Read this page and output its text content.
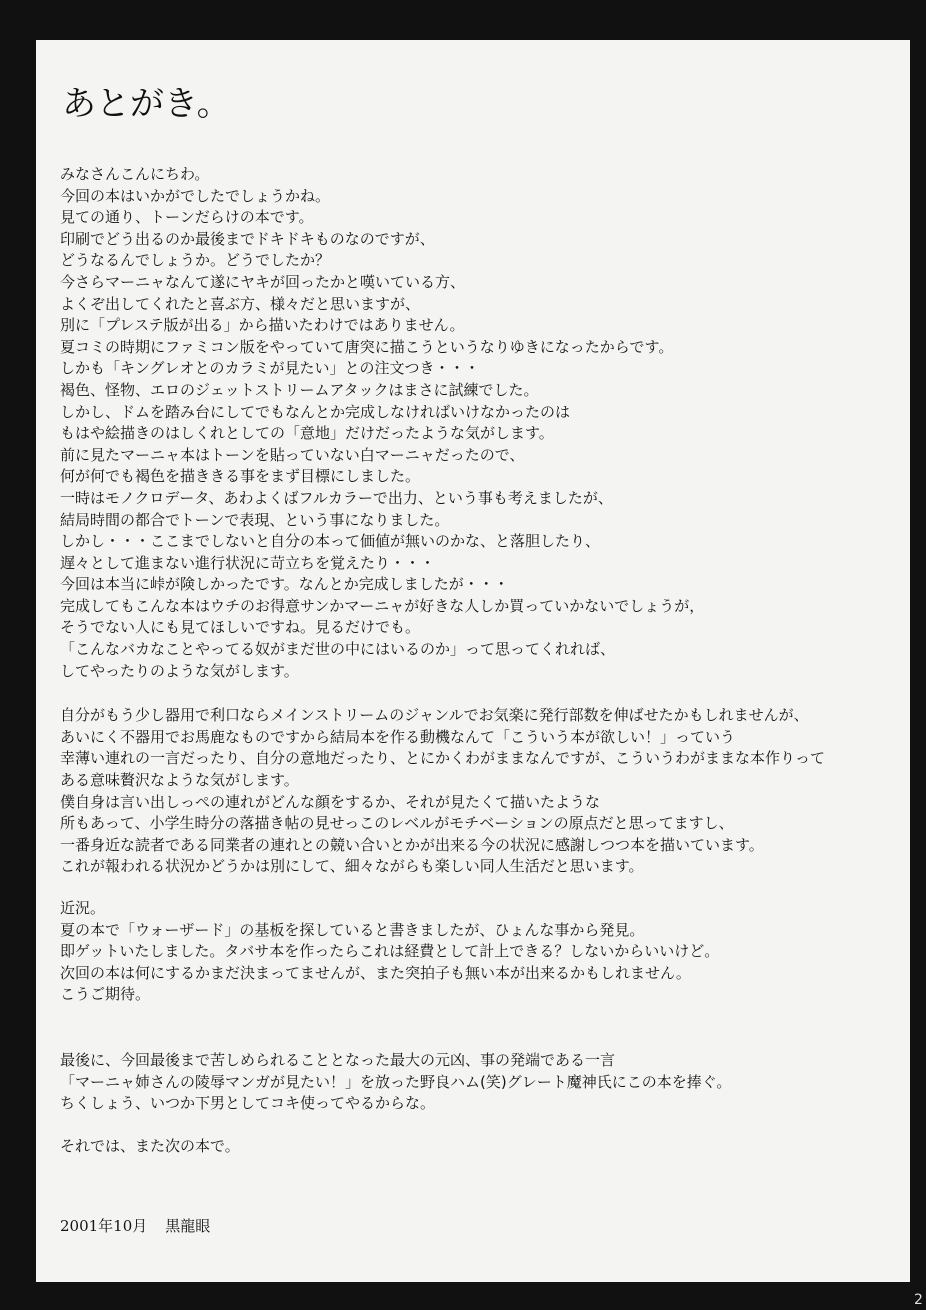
あとがき。
みなさんこんにちわ。
今回の本はいかがでしたでしょうかね。
見ての通り、トーンだらけの本です。
印刷でどう出るのか最後までドキドキものなのですが、
どうなるんでしょうか。どうでしたか？
今さらマーニャなんて遂にヤキが回ったかと嘆いている方、
よくぞ出してくれたと喜ぶ方、様々だと思いますが、
別に「プレステ版が出る」から描いたわけではありません。
夏コミの時期にファミコン版をやっていて唐突に描こうというなりゆきになったからです。
しかも「キングレオとのカラミが見たい」との注文つき・・・
褐色、怪物、エロのジェットストリームアタックはまさに試練でした。
しかし、ドムを踏み台にしてでもなんとか完成しなければいけなかったのは
もはや絵描きのはしくれとしての「意地」だけだったような気がします。
前に見たマーニャ本はトーンを貼っていない白マーニャだったので、
何が何でも褐色を描ききる事をまず目標にしました。
一時はモノクロデータ、あわよくばフルカラーで出力、という事も考えましたが、
結局時間の都合でトーンで表現、という事になりました。
しかし・・・ここまでしないと自分の本って価値が無いのかな、と落胆したり、
遅々として進まない進行状況に苛立ちを覚えたり・・・
今回は本当に峠が険しかったです。なんとか完成しましたが・・・
完成してもこんな本はウチのお得意サンかマーニャが好きな人しか買っていかないでしょうが，
そうでない人にも見てほしいですね。見るだけでも。
「こんなバカなことやってる奴がまだ世の中にはいるのか」って思ってくれれば、
してやったりのような気がします。
自分がもう少し器用で利口ならメインストリームのジャンルでお気楽に発行部数を伸ばせたかもしれませんが、
あいにく不器用でお馬鹿なものですから結局本を作る動機なんて「こういう本が欲しい！」っていう
幸薄い連れの一言だったり、自分の意地だったり、とにかくわがままなんですが、こういうわがままな本作りって
ある意味贅沢なような気がします。
僕自身は言い出しっぺの連れがどんな顔をするか、それが見たくて描いたような
所もあって、小学生時分の落描き帖の見せっこのレベルがモチベーションの原点だと思ってますし、
一番身近な読者である同業者の連れとの競い合いとかが出来る今の状況に感謝しつつ本を描いています。
これが報われる状況かどうかは別にして、細々ながらも楽しい同人生活だと思います。
近況。
夏の本で「ウォーザード」の基板を探していると書きましたが、ひょんな事から発見。
即ゲットいたしました。タバサ本を作ったらこれは経費として計上できる？しないからいいけど。
次回の本は何にするかまだ決まってませんが、また突拍子も無い本が出来るかもしれません。
こうご期待。
最後に、今回最後まで苦しめられることとなった最大の元凶、事の発端である一言
「マーニャ姉さんの陵辱マンガが見たい！」を放った野良ハム(笑)グレート魔神氏にこの本を捧ぐ。
ちくしょう、いつか下男としてコキ使ってやるからな。
それでは、また次の本で。
2001年10月 黒龍眼
2
